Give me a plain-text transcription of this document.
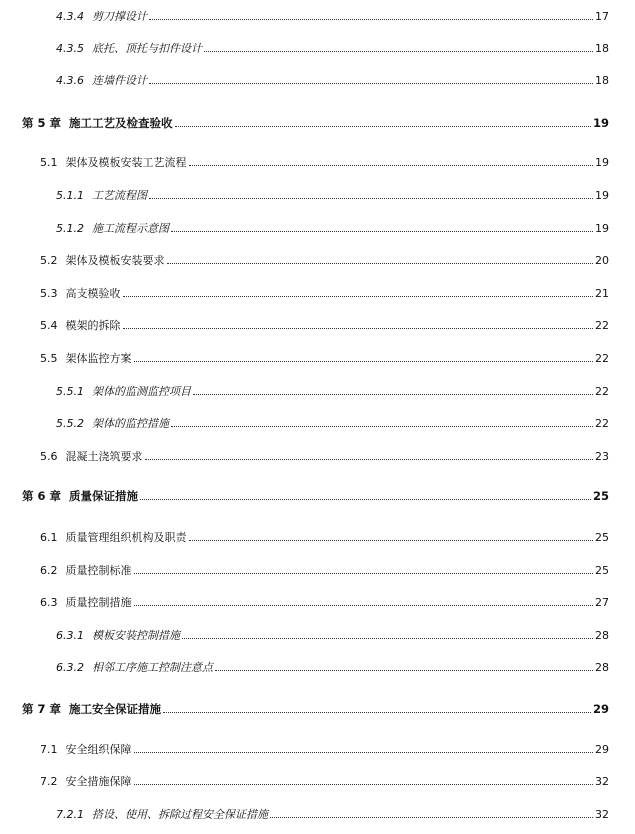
4.3.4 剪刀撑设计	17
4.3.5 底托、顶托与扣件设计	18
4.3.6 连墙件设计	18
第 5 章 施工工艺及检查验收	19
5.1 架体及模板安装工艺流程	19
5.1.1 工艺流程图	19
5.1.2 施工流程示意图	19
5.2 架体及模板安装要求	20
5.3 高支模验收	21
5.4 模架的拆除	22
5.5 架体监控方案	22
5.5.1 架体的监测监控项目	22
5.5.2 架体的监控措施	22
5.6 混凝土浇筑要求	23
第 6 章 质量保证措施	25
6.1 质量管理组织机构及职责	25
6.2 质量控制标准	25
6.3 质量控制措施	27
6.3.1 模板安装控制措施	28
6.3.2 相邻工序施工控制注意点	28
第 7 章 施工安全保证措施	29
7.1 安全组织保障	29
7.2 安全措施保障	32
7.2.1 搭设、使用、拆除过程安全保证措施	32
